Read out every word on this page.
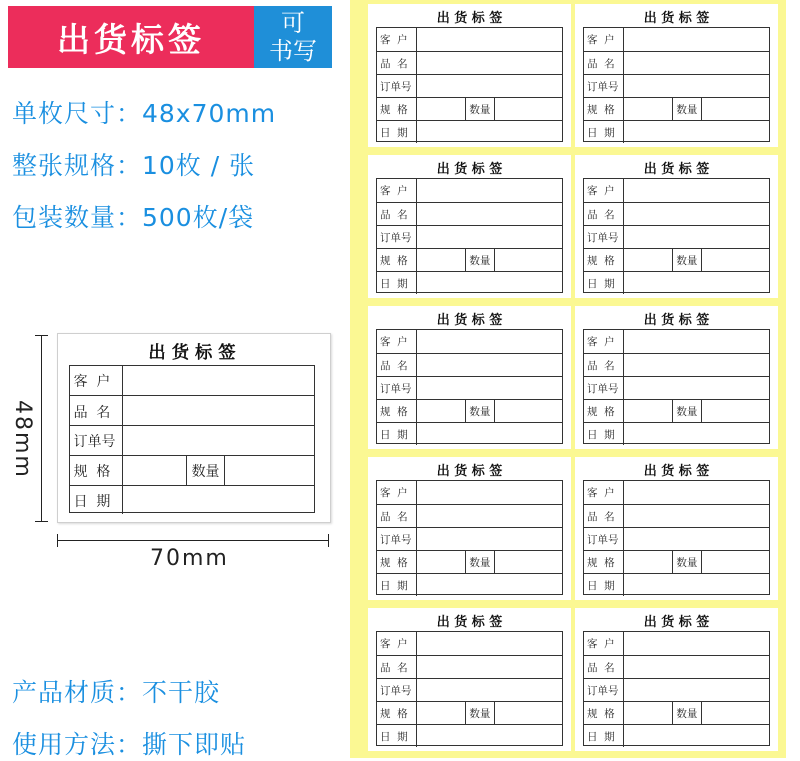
出货标签	可
书写
单枚尺寸：48x70mm
整张规格：10枚 / 张
包装数量：500枚/袋
产品材质：不干胶
使用方法：撕下即贴
48mm
70mm
出 货 标 签
客  户
品  名
订单号
规  格	数量
日  期
出 货 标 签
客  户
品  名
订单号
规  格	数量
日  期
出 货 标 签
客  户
品  名
订单号
规  格	数量
日  期
出 货 标 签
客  户
品  名
订单号
规  格	数量
日  期
出 货 标 签
客  户
品  名
订单号
规  格	数量
日  期
出 货 标 签
客  户
品  名
订单号
规  格	数量
日  期
出 货 标 签
客  户
品  名
订单号
规  格	数量
日  期
出 货 标 签
客  户
品  名
订单号
规  格	数量
日  期
出 货 标 签
客  户
品  名
订单号
规  格	数量
日  期
出 货 标 签
客  户
品  名
订单号
规  格	数量
日  期
出 货 标 签
客  户
品  名
订单号
规  格	数量
日  期
